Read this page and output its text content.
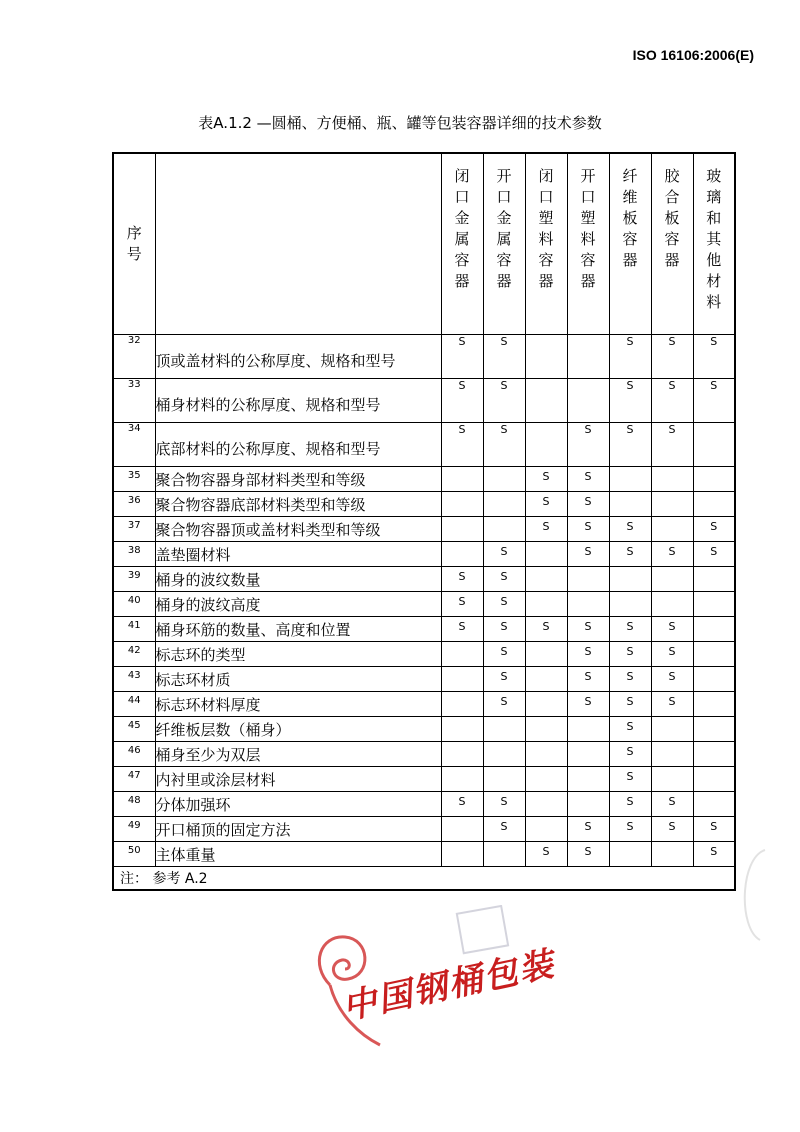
ISO 16106:2006(E)
表A.1.2 —圆桶、方便桶、瓶、罐等包装容器详细的技术参数
序号		闭口金属容器	开口金属容器	闭口塑料容器	开口塑料容器	纤维板容器	胶合板容器	玻璃和其他材料

32	顶或盖材料的公称厚度、规格和型号	S	S			S	S	S
33	桶身材料的公称厚度、规格和型号	S	S			S	S	S
34	底部材料的公称厚度、规格和型号	S	S		S	S	S	
35	聚合物容器身部材料类型和等级			S	S			
36	聚合物容器底部材料类型和等级			S	S			
37	聚合物容器顶或盖材料类型和等级			S	S	S		S
38	盖垫圈材料		S		S	S	S	S
39	桶身的波纹数量	S	S					
40	桶身的波纹高度	S	S					
41	桶身环筋的数量、高度和位置	S	S	S	S	S	S	
42	标志环的类型		S		S	S	S	
43	标志环材质		S		S	S	S	
44	标志环材料厚度		S		S	S	S	
45	纤维板层数（桶身）					S		
46	桶身至少为双层					S		
47	内衬里或涂层材料					S		
48	分体加强环	S	S			S	S	
49	开口桶顶的固定方法		S		S	S	S	S
50	主体重量			S	S			S
注： 参考 A.2								
中国钢桶包装
